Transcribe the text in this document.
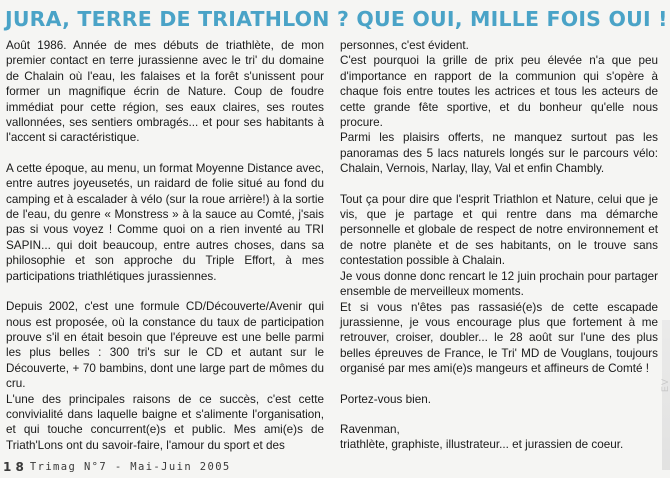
JURA, TERRE DE TRIATHLON ? QUE OUI, MILLE FOIS OUI !

Août 1986. Année de mes débuts de triathlète, de mon premier contact en terre jurassienne avec le tri' du domaine de Chalain où l'eau, les falaises et la forêt s'unissent pour former un magnifique écrin de Nature. Coup de foudre immédiat pour cette région, ses eaux claires, ses routes vallonnées, ses sentiers ombragés... et pour ses habitants à l'accent si caractéristique.

A cette époque, au menu, un format Moyenne Distance avec, entre autres joyeusetés, un raidard de folie situé au fond du camping et à escalader à vélo (sur la roue arrière!) à la sortie de l'eau, du genre « Monstress » à la sauce au Comté, j'sais pas si vous voyez ! Comme quoi on a rien inventé au TRI SAPIN... qui doit beaucoup, entre autres choses, dans sa philosophie et son approche du Triple Effort, à mes participations triathlétiques jurassiennes.

Depuis 2002, c'est une formule CD/Découverte/Avenir qui nous est proposée, où la constance du taux de participation prouve s'il en était besoin que l'épreuve est une belle parmi les plus belles : 300 tri's sur le CD et autant sur le Découverte, + 70 bambins, dont une large part de mômes du cru.

L'une des principales raisons de ce succès, c'est cette convivialité dans laquelle baigne et s'alimente l'organisation, et qui touche concurrent(e)s et public. Mes ami(e)s de Triath'Lons ont du savoir-faire, l'amour du sport et des

personnes, c'est évident.

C'est pourquoi la grille de prix peu élevée n'a que peu d'importance en rapport de la communion qui s'opère à chaque fois entre toutes les actrices et tous les acteurs de cette grande fête sportive, et du bonheur qu'elle nous procure.

Parmi les plaisirs offerts, ne manquez surtout pas les panoramas des 5 lacs naturels longés sur le parcours vélo: Chalain, Vernois, Narlay, Ilay, Val et enfin Chambly.

Tout ça pour dire que l'esprit Triathlon et Nature, celui que je vis, que je partage et qui rentre dans ma démarche personnelle et globale de respect de notre environnement et de notre planète et de ses habitants, on le trouve sans contestation possible à Chalain.

Je vous donne donc rencart le 12 juin prochain pour partager ensemble de merveilleux moments.

Et si vous n'êtes pas rassasié(e)s de cette escapade jurassienne, je vous encourage plus que fortement à me retrouver, croiser, doubler... le 28 août sur l'une des plus belles épreuves de France, le Tri' MD de Vouglans, toujours organisé par mes ami(e)s mangeurs et affineurs de Comté !

Portez-vous bien.

Ravenman,

triathlète, graphiste, illustrateur... et jurassien de coeur.

EV
1 8 Trimag N°7 - Mai-Juin 2005
